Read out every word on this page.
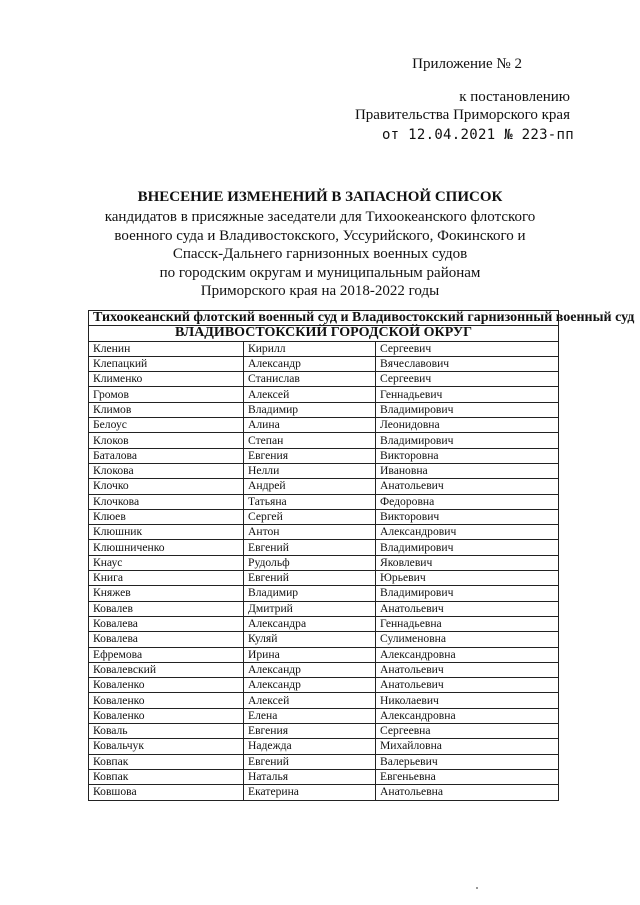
Приложение № 2
к постановлению
Правительства Приморского края
от 12.04.2021 № 223-пп
ВНЕСЕНИЕ ИЗМЕНЕНИЙ В ЗАПАСНОЙ СПИСОК
кандидатов в присяжные заседатели для Тихоокеанского флотского
военного суда и Владивостокского, Уссурийского, Фокинского и
Спасск-Дальнего гарнизонных военных судов
по городским округам и муниципальным районам
Приморского края на 2018-2022 годы
Тихоокеанский флотский военный суд и Владивостокский гарнизонный военный суд		
ВЛАДИВОСТОКСКИЙ ГОРОДСКОЙ ОКРУГ		
Кленин	Кирилл	Сергеевич
Клепацкий	Александр	Вячеславович
Клименко	Станислав	Сергеевич
Громов	Алексей	Геннадьевич
Климов	Владимир	Владимирович
Белоус	Алина	Леонидовна
Клоков	Степан	Владимирович
Баталова	Евгения	Викторовна
Клокова	Нелли	Ивановна
Клочко	Андрей	Анатольевич
Клочкова	Татьяна	Федоровна
Клюев	Сергей	Викторович
Клюшник	Антон	Александрович
Клюшниченко	Евгений	Владимирович
Кнаус	Рудольф	Яковлевич
Книга	Евгений	Юрьевич
Княжев	Владимир	Владимирович
Ковалев	Дмитрий	Анатольевич
Ковалева	Александра	Геннадьевна
Ковалева	Куляй	Сулименовна
Ефремова	Ирина	Александровна
Ковалевский	Александр	Анатольевич
Коваленко	Александр	Анатольевич
Коваленко	Алексей	Николаевич
Коваленко	Елена	Александровна
Коваль	Евгения	Сергеевна
Ковальчук	Надежда	Михайловна
Ковпак	Евгений	Валерьевич
Ковпак	Наталья	Евгеньевна
Ковшова	Екатерина	Анатольевна
